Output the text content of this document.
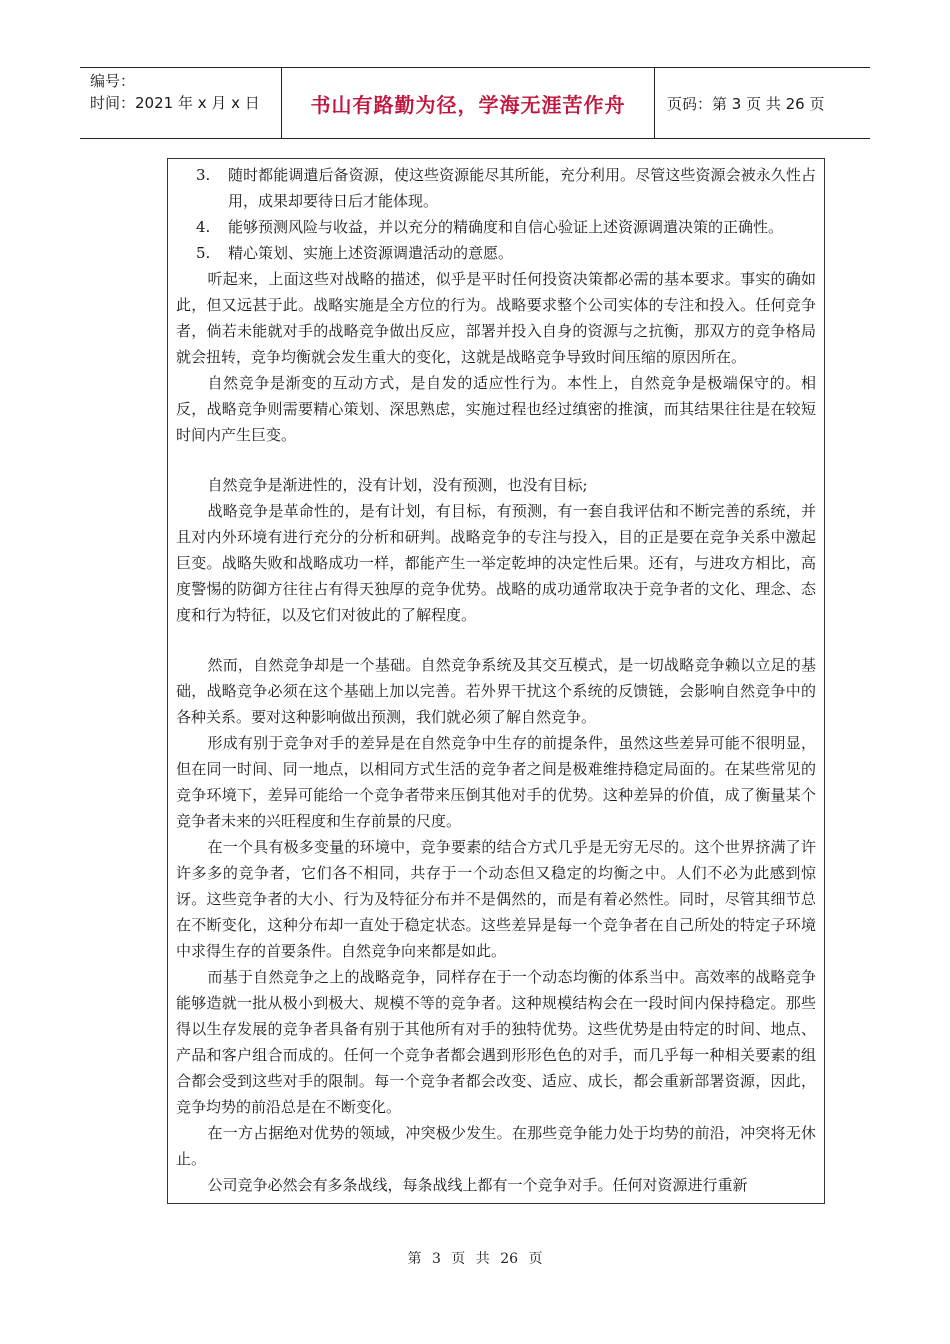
编号：
时间：2021 年 x 月 x 日	书山有路勤为径，学海无涯苦作舟	页码：第 3 页 共 26 页
3.	随时都能调遣后备资源，使这些资源能尽其所能，充分利用。尽管这些资源会被永久性占用，成果却要待日后才能体现。
4.	能够预测风险与收益，并以充分的精确度和自信心验证上述资源调遣决策的正确性。
5.	精心策划、实施上述资源调遣活动的意愿。

听起来，上面这些对战略的描述，似乎是平时任何投资决策都必需的基本要求。事实的确如此，但又远甚于此。战略实施是全方位的行为。战略要求整个公司实体的专注和投入。任何竞争者，倘若未能就对手的战略竞争做出反应，部署并投入自身的资源与之抗衡，那双方的竞争格局就会扭转，竞争均衡就会发生重大的变化，这就是战略竞争导致时间压缩的原因所在。

自然竞争是渐变的互动方式，是自发的适应性行为。本性上，自然竞争是极端保守的。相反，战略竞争则需要精心策划、深思熟虑，实施过程也经过缜密的推演，而其结果往往是在较短时间内产生巨变。

自然竞争是渐进性的，没有计划，没有预测，也没有目标;

战略竞争是革命性的，是有计划，有目标，有预测，有一套自我评估和不断完善的系统，并且对内外环境有进行充分的分析和研判。战略竞争的专注与投入，目的正是要在竞争关系中激起巨变。战略失败和战略成功一样，都能产生一举定乾坤的决定性后果。还有，与进攻方相比，高度警惕的防御方往往占有得天独厚的竞争优势。战略的成功通常取决于竞争者的文化、理念、态度和行为特征，以及它们对彼此的了解程度。

然而，自然竞争却是一个基础。自然竞争系统及其交互模式，是一切战略竞争赖以立足的基础，战略竞争必须在这个基础上加以完善。若外界干扰这个系统的反馈链，会影响自然竞争中的各种关系。要对这种影响做出预测，我们就必须了解自然竞争。

形成有别于竞争对手的差异是在自然竞争中生存的前提条件，虽然这些差异可能不很明显，但在同一时间、同一地点，以相同方式生活的竞争者之间是极难维持稳定局面的。在某些常见的竞争环境下，差异可能给一个竞争者带来压倒其他对手的优势。这种差异的价值，成了衡量某个竞争者未来的兴旺程度和生存前景的尺度。

在一个具有极多变量的环境中，竞争要素的结合方式几乎是无穷无尽的。这个世界挤满了许许多多的竞争者，它们各不相同，共存于一个动态但又稳定的均衡之中。人们不必为此感到惊讶。这些竞争者的大小、行为及特征分布并不是偶然的，而是有着必然性。同时，尽管其细节总在不断变化，这种分布却一直处于稳定状态。这些差异是每一个竞争者在自己所处的特定子环境中求得生存的首要条件。自然竞争向来都是如此。

而基于自然竞争之上的战略竞争，同样存在于一个动态均衡的体系当中。高效率的战略竞争能够造就一批从极小到极大、规模不等的竞争者。这种规模结构会在一段时间内保持稳定。那些得以生存发展的竞争者具备有别于其他所有对手的独特优势。这些优势是由特定的时间、地点、产品和客户组合而成的。任何一个竞争者都会遇到形形色色的对手，而几乎每一种相关要素的组合都会受到这些对手的限制。每一个竞争者都会改变、适应、成长，都会重新部署资源，因此，竞争均势的前沿总是在不断变化。

在一方占据绝对优势的领域，冲突极少发生。在那些竞争能力处于均势的前沿，冲突将无休止。

公司竞争必然会有多条战线，每条战线上都有一个竞争对手。任何对资源进行重新

第 3 页 共 26 页
